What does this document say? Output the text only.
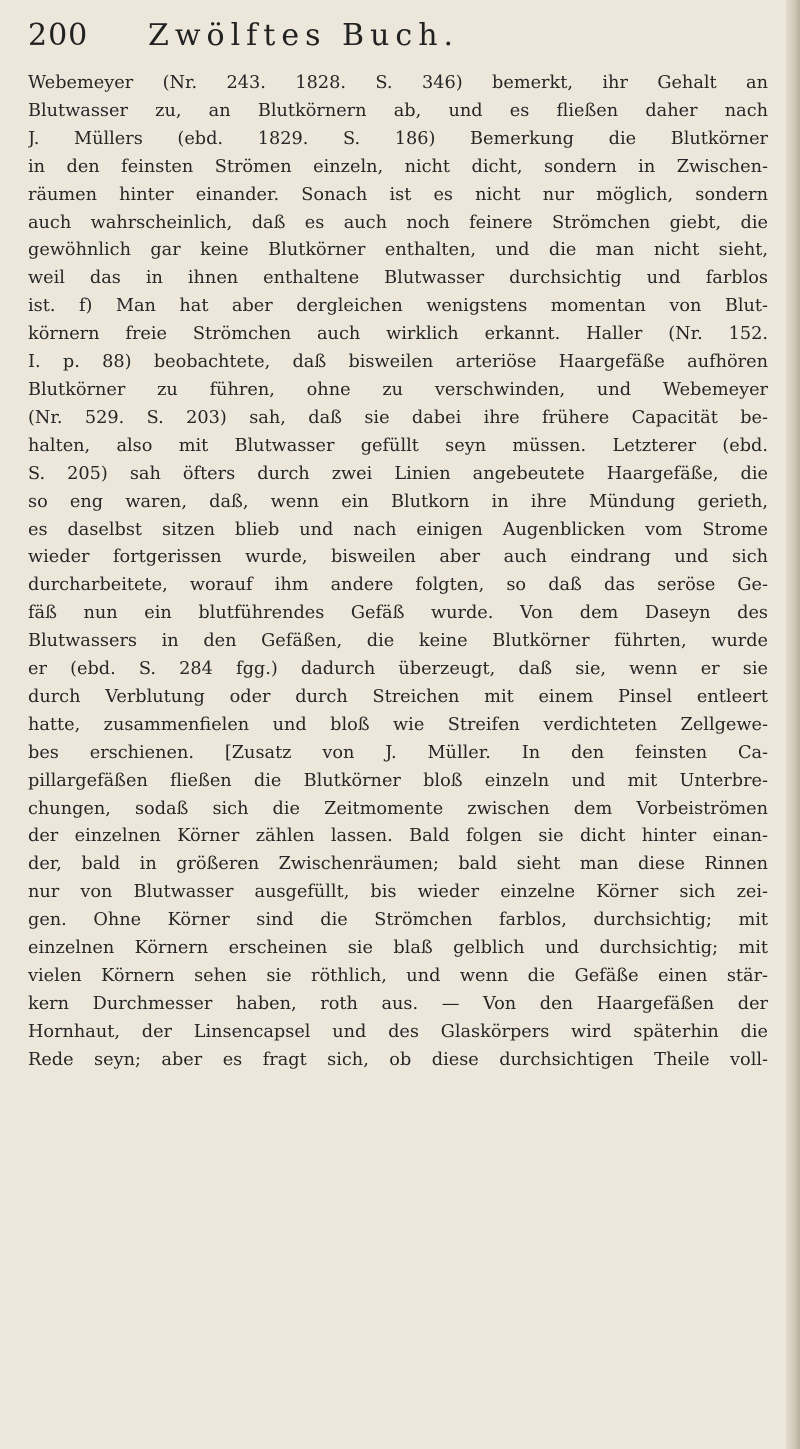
200 Zwölftes Buch.
Webemeyer (Nr. 243. 1828. S. 346) bemerkt, ihr Gehalt an
Blutwasser zu, an Blutkörnern ab, und es fließen daher nach
J. Müllers (ebd. 1829. S. 186) Bemerkung die Blutkörner
in den feinsten Strömen einzeln, nicht dicht, sondern in Zwischen-
räumen hinter einander. Sonach ist es nicht nur möglich, sondern
auch wahrscheinlich, daß es auch noch feinere Strömchen giebt, die
gewöhnlich gar keine Blutkörner enthalten, und die man nicht sieht,
weil das in ihnen enthaltene Blutwasser durchsichtig und farblos
ist. f) Man hat aber dergleichen wenigstens momentan von Blut-
körnern freie Strömchen auch wirklich erkannt. Haller (Nr. 152.
I. p. 88) beobachtete, daß bisweilen arteriöse Haargefäße aufhören
Blutkörner zu führen, ohne zu verschwinden, und Webemeyer
(Nr. 529. S. 203) sah, daß sie dabei ihre frühere Capacität be-
halten, also mit Blutwasser gefüllt seyn müssen. Letzterer (ebd.
S. 205) sah öfters durch zwei Linien angebeutete Haargefäße, die
so eng waren, daß, wenn ein Blutkorn in ihre Mündung gerieth,
es daselbst sitzen blieb und nach einigen Augenblicken vom Strome
wieder fortgerissen wurde, bisweilen aber auch eindrang und sich
durcharbeitete, worauf ihm andere folgten, so daß das seröse Ge-
fäß nun ein blutführendes Gefäß wurde. Von dem Daseyn des
Blutwassers in den Gefäßen, die keine Blutkörner führten, wurde
er (ebd. S. 284 fgg.) dadurch überzeugt, daß sie, wenn er sie
durch Verblutung oder durch Streichen mit einem Pinsel entleert
hatte, zusammenfielen und bloß wie Streifen verdichteten Zellgewe-
bes erschienen. [Zusatz von J. Müller. In den feinsten Ca-
pillargefäßen fließen die Blutkörner bloß einzeln und mit Unterbre-
chungen, sodaß sich die Zeitmomente zwischen dem Vorbeiströmen
der einzelnen Körner zählen lassen. Bald folgen sie dicht hinter einan-
der, bald in größeren Zwischenräumen; bald sieht man diese Rinnen
nur von Blutwasser ausgefüllt, bis wieder einzelne Körner sich zei-
gen. Ohne Körner sind die Strömchen farblos, durchsichtig; mit
einzelnen Körnern erscheinen sie blaß gelblich und durchsichtig; mit
vielen Körnern sehen sie röthlich, und wenn die Gefäße einen stär-
kern Durchmesser haben, roth aus. — Von den Haargefäßen der
Hornhaut, der Linsencapsel und des Glaskörpers wird späterhin die
Rede seyn; aber es fragt sich, ob diese durchsichtigen Theile voll-
